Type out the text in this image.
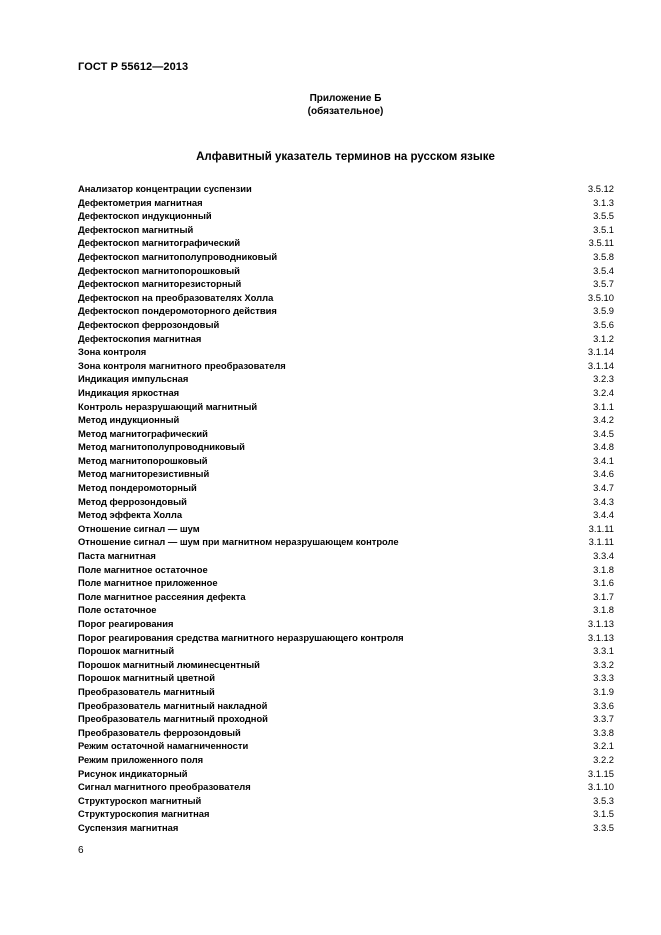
ГОСТ Р 55612—2013
Приложение Б
(обязательное)
Алфавитный указатель терминов на русском языке
Анализатор концентрации суспензии	3.5.12
Дефектометрия магнитная	3.1.3
Дефектоскоп индукционный	3.5.5
Дефектоскоп магнитный	3.5.1
Дефектоскоп магнитографический	3.5.11
Дефектоскоп магнитополупроводниковый	3.5.8
Дефектоскоп магнитопорошковый	3.5.4
Дефектоскоп магниторезисторный	3.5.7
Дефектоскоп на преобразователях Холла	3.5.10
Дефектоскоп пондеромоторного действия	3.5.9
Дефектоскоп феррозондовый	3.5.6
Дефектоскопия магнитная	3.1.2
Зона контроля	3.1.14
Зона контроля магнитного преобразователя	3.1.14
Индикация импульсная	3.2.3
Индикация яркостная	3.2.4
Контроль неразрушающий магнитный	3.1.1
Метод индукционный	3.4.2
Метод магнитографический	3.4.5
Метод магнитополупроводниковый	3.4.8
Метод магнитопорошковый	3.4.1
Метод магниторезистивный	3.4.6
Метод пондеромоторный	3.4.7
Метод феррозондовый	3.4.3
Метод эффекта Холла	3.4.4
Отношение сигнал — шум	3.1.11
Отношение сигнал — шум при магнитном неразрушающем контроле	3.1.11
Паста магнитная	3.3.4
Поле магнитное остаточное	3.1.8
Поле магнитное приложенное	3.1.6
Поле магнитное рассеяния дефекта	3.1.7
Поле остаточное	3.1.8
Порог реагирования	3.1.13
Порог реагирования средства магнитного неразрушающего контроля	3.1.13
Порошок магнитный	3.3.1
Порошок магнитный люминесцентный	3.3.2
Порошок магнитный цветной	3.3.3
Преобразователь магнитный	3.1.9
Преобразователь магнитный накладной	3.3.6
Преобразователь магнитный проходной	3.3.7
Преобразователь феррозондовый	3.3.8
Режим остаточной намагниченности	3.2.1
Режим приложенного поля	3.2.2
Рисунок индикаторный	3.1.15
Сигнал магнитного преобразователя	3.1.10
Структуроскоп магнитный	3.5.3
Структуроскопия магнитная	3.1.5
Суспензия магнитная	3.3.5
6
